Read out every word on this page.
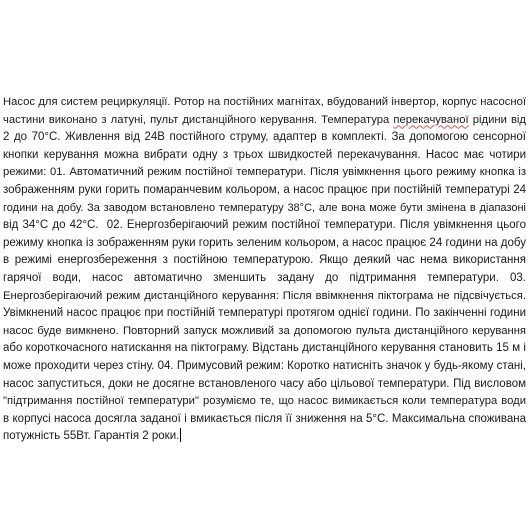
Насос для систем рециркуляції. Ротор на постійних магнітах, вбудований інвертор, корпус насосної
частини виконано з латуні, пульт дистанційного керування. Температура перекачуваної рідини від
2 до 70°С. Живлення від 24В постійного струму, адаптер в комплекті. За допомогою сенсорної
кнопки керування можна вибрати одну з трьох швидкостей перекачування. Насос має чотири
режими: 01. Автоматичний режим постійної температури. Після увімкнення цього режиму кнопка із
зображенням руки горить помаранчевим кольором, а насос працює при постійній температурі 24
години на добу. За заводом встановлено температуру 38°С, але вона може бути змінена в діапазоні
від 34°С до 42°С.  02. Енергозберігаючий режим постійної температури. Після увімкнення цього
режиму кнопка із зображенням руки горить зеленим кольором, а насос працює 24 години на добу
в режимі енергозбереження з постійною температурою. Якщо деякий час нема використання
гарячої води, насос автоматично зменшить задану до підтримання температури. 03.
Енергозберігаючий режим дистанційного керування: Після ввімкнення піктограма не підсвічується.
Увімкнений насос працює при постійній температурі протягом однієї години. По закінченні години
насос буде вимкнено. Повторний запуск можливий за допомогою пульта дистанційного керування
або короткочасного натискання на піктограму. Відстань дистанційного керування становить 15 м і
може проходити через стіну. 04. Примусовий режим: Коротко натисніть значок у будь-якому стані,
насос запуститься, доки не досягне встановленого часу або цільової температури. Під висловом
"підтримання постійної температури" розуміємо те, що насос вимикається коли температура води
в корпусі насоса досягла заданої і вмикається після її зниження на 5°С. Максимальна споживана
потужність 55Вт. Гарантія 2 роки.
